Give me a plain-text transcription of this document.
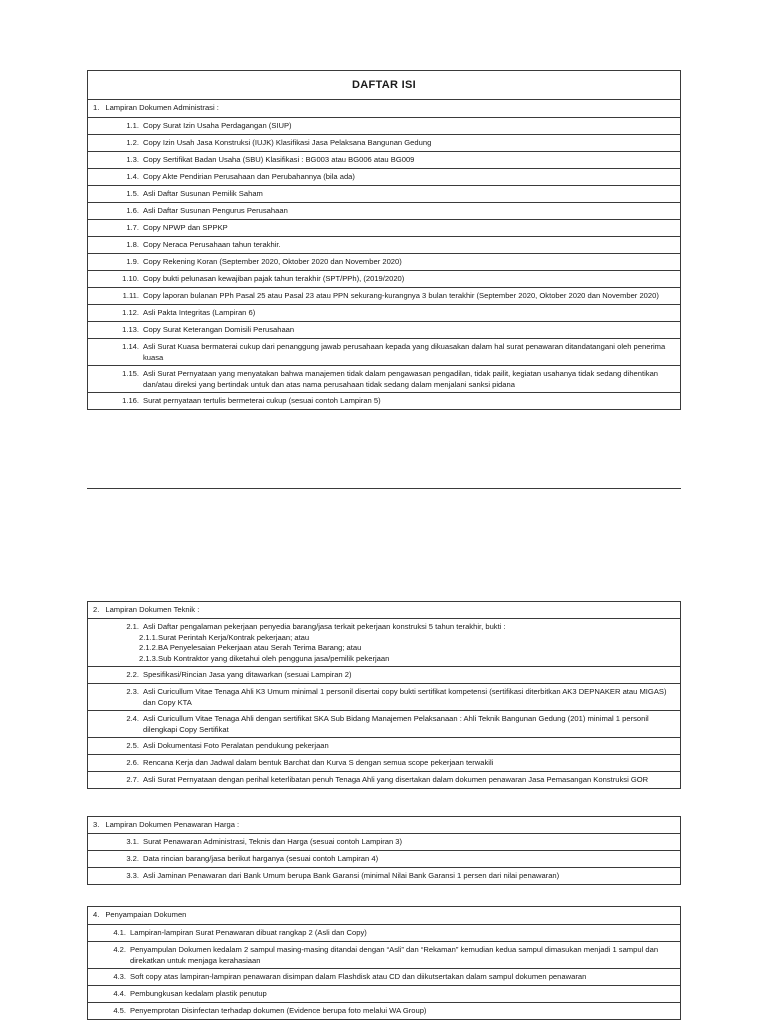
DAFTAR ISI
1. Lampiran Dokumen Administrasi :
1.1. Copy Surat Izin Usaha Perdagangan (SIUP)
1.2. Copy Izin Usah Jasa Konstruksi (IUJK) Klasifikasi Jasa Pelaksana Bangunan Gedung
1.3. Copy Sertifikat Badan Usaha (SBU) Klasifikasi : BG003 atau BG006 atau BG009
1.4. Copy Akte Pendirian Perusahaan dan Perubahannya (bila ada)
1.5. Asli Daftar Susunan Pemilik Saham
1.6. Asli Daftar Susunan Pengurus Perusahaan
1.7. Copy NPWP dan SPPKP
1.8. Copy Neraca Perusahaan tahun terakhir.
1.9. Copy Rekening Koran (September 2020, Oktober 2020 dan November 2020)
1.10. Copy bukti pelunasan kewajiban pajak tahun terakhir (SPT/PPh), (2019/2020)
1.11. Copy laporan bulanan PPh Pasal 25 atau Pasal 23 atau PPN sekurang-kurangnya 3 bulan terakhir (September 2020, Oktober 2020 dan November 2020)
1.12. Asli Pakta Integritas (Lampiran 6)
1.13. Copy Surat Keterangan Domisili Perusahaan
1.14. Asli Surat Kuasa bermaterai cukup dari penanggung jawab perusahaan kepada yang dikuasakan dalam hal surat penawaran ditandatangani oleh penerima kuasa
1.15. Asli Surat Pernyataan yang menyatakan bahwa manajemen tidak dalam pengawasan pengadilan, tidak pailit, kegiatan usahanya tidak sedang dihentikan dan/atau direksi yang bertindak untuk dan atas nama perusahaan tidak sedang dalam menjalani sanksi pidana
1.16. Surat pernyataan tertulis bermeterai cukup (sesuai contoh Lampiran 5)
2. Lampiran Dokumen Teknik :
2.1. Asli Daftar pengalaman pekerjaan penyedia barang/jasa terkait pekerjaan konstruksi 5 tahun terakhir, bukti :
2.1.1.Surat Perintah Kerja/Kontrak pekerjaan; atau
2.1.2.BA Penyelesaian Pekerjaan atau Serah Terima Barang; atau
2.1.3.Sub Kontraktor yang diketahui oleh pengguna jasa/pemilik pekerjaan
2.2. Spesifikasi/Rincian Jasa yang ditawarkan (sesuai Lampiran 2)
2.3. Asli Curicullum Vitae Tenaga Ahli K3 Umum minimal 1 personil disertai copy bukti sertifikat kompetensi (sertifikasi diterbitkan AK3 DEPNAKER atau MIGAS) dan Copy KTA
2.4. Asli Curicullum Vitae Tenaga Ahli dengan sertifikat SKA Sub Bidang Manajemen Pelaksanaan : Ahli Teknik Bangunan Gedung (201) minimal 1 personil dilengkapi Copy Sertifikat
2.5. Asli Dokumentasi Foto Peralatan pendukung pekerjaan
2.6. Rencana Kerja dan Jadwal dalam bentuk Barchat dan Kurva S dengan semua scope pekerjaan terwakili
2.7. Asli Surat Pernyataan dengan perihal keterlibatan penuh Tenaga Ahli yang disertakan dalam dokumen penawaran Jasa Pemasangan Konstruksi GOR
3. Lampiran Dokumen Penawaran Harga :
3.1. Surat Penawaran Administrasi, Teknis dan Harga (sesuai contoh Lampiran 3)
3.2. Data rincian barang/jasa berikut harganya (sesuai contoh Lampiran 4)
3.3. Asli Jaminan Penawaran dari Bank Umum berupa Bank Garansi (minimal Nilai Bank Garansi 1 persen dari nilai penawaran)
4. Penyampaian Dokumen
4.1. Lampiran-lampiran Surat Penawaran dibuat rangkap 2 (Asli dan Copy)
4.2. Penyampulan Dokumen kedalam 2 sampul masing-masing ditandai dengan “Asli” dan “Rekaman” kemudian kedua sampul dimasukan menjadi 1 sampul dan direkatkan untuk menjaga kerahasiaan
4.3. Soft copy atas lampiran-lampiran penawaran disimpan dalam Flashdisk atau CD dan diikutsertakan dalam sampul dokumen penawaran
4.4. Pembungkusan kedalam plastik penutup
4.5. Penyemprotan Disinfectan terhadap dokumen (Evidence berupa foto melalui WA Group)
